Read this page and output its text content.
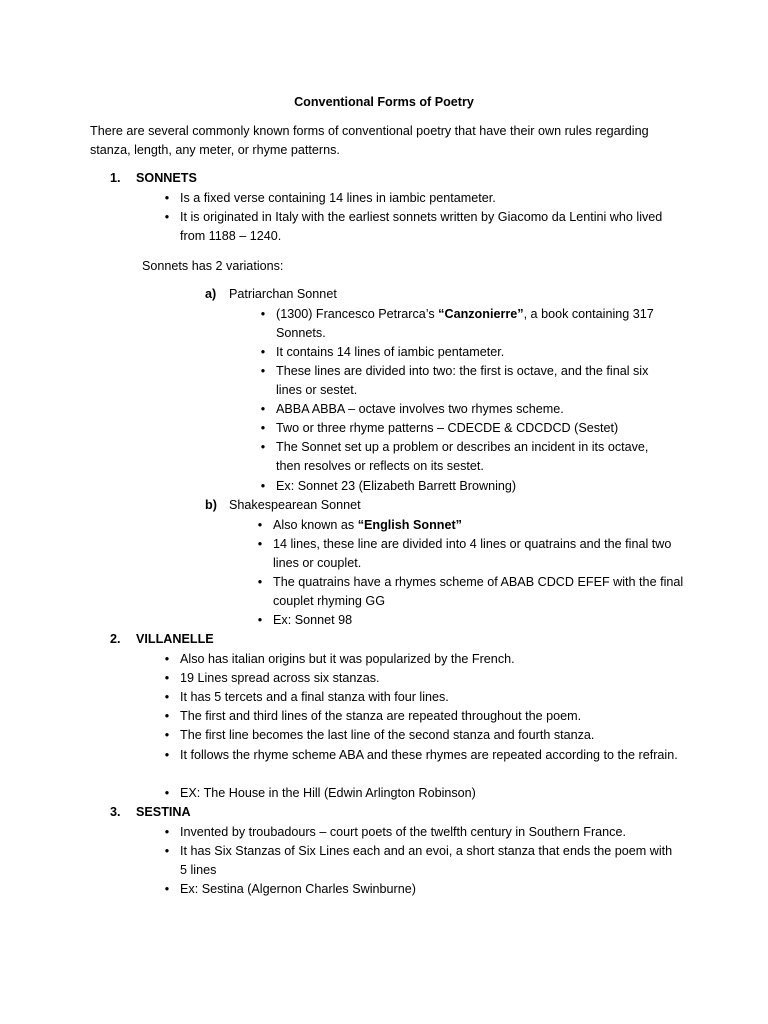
Conventional Forms of Poetry
There are several commonly known forms of conventional poetry that have their own rules regarding stanza, length, any meter, or rhyme patterns.
1. SONNETS
• Is a fixed verse containing 14 lines in iambic pentameter.
• It is originated in Italy with the earliest sonnets written by Giacomo da Lentini who lived from 1188 – 1240.
Sonnets has 2 variations:
a) Patriarchan Sonnet
• (1300) Francesco Petrarca’s “Canzonierre”, a book containing 317 Sonnets.
• It contains 14 lines of iambic pentameter.
• These lines are divided into two: the first is octave, and the final six lines or sestet.
• ABBA ABBA – octave involves two rhymes scheme.
• Two or three rhyme patterns – CDECDE & CDCDCD (Sestet)
• The Sonnet set up a problem or describes an incident in its octave, then resolves or reflects on its sestet.
• Ex: Sonnet 23 (Elizabeth Barrett Browning)
b) Shakespearean Sonnet
• Also known as “English Sonnet”
• 14 lines, these line are divided into 4 lines or quatrains and the final two lines or couplet.
• The quatrains have a rhymes scheme of ABAB CDCD EFEF with the final couplet rhyming GG
• Ex: Sonnet 98
2. VILLANELLE
• Also has italian origins but it was popularized by the French.
• 19 Lines spread across six stanzas.
• It has 5 tercets and a final stanza with four lines.
• The first and third lines of the stanza are repeated throughout the poem.
• The first line becomes the last line of the second stanza and fourth stanza.
• It follows the rhyme scheme ABA and these rhymes are repeated according to the refrain.
• EX: The House in the Hill (Edwin Arlington Robinson)
3. SESTINA
• Invented by troubadours – court poets of the twelfth century in Southern France.
• It has Six Stanzas of Six Lines each and an evoi, a short stanza that ends the poem with 5 lines
• Ex: Sestina (Algernon Charles Swinburne)
